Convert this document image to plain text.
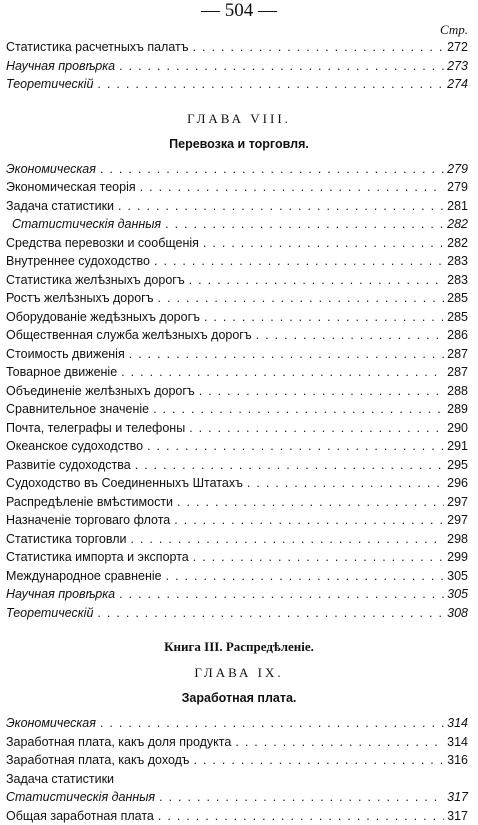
— 504 —
Стр.
Статистика расчетныхъ палатъ .....	272
Научная провѣрка .....	273
Теоретическій .....	274
ГЛАВА VIII.
Перевозка и торговля.
Экономическая .....	279
Экономическая теорія .....	279
Задача статистики .....	281
Статистическія данныя .....	282
Средства перевозки и сообщенія .....	282
Внутреннее судоходство .....	283
Статистика желѣзныхъ дорогъ .....	283
Ростъ желѣзныхъ дорогъ .....	285
Оборудованіе жедѣзныхъ дорогъ .....	285
Общественная служба желѣзныхъ дорогъ .....	286
Стоимость движенія .....	287
Товарное движеніе .....	287
Объединеніе желѣзныхъ дорогъ .....	288
Сравнительное значеніе .....	289
Почта, телеграфы и телефоны .....	290
Океанское судоходство .....	291
Развитіе судоходства .....	295
Судоходство въ Соединенныхъ Штатахъ .....	296
Распредѣленіе вмѣстимости .....	297
Назначеніе торговаго флота .....	297
Статистика торговли .....	298
Статистика импорта и экспорта .....	299
Международное сравненіе .....	305
Научная провѣрка .....	305
Теоретическій .....	308
Книга III. Распредѣленіе.
ГЛАВА IX.
Заработная плата.
Экономическая .....	314
Заработная плата, какъ доля продукта .....	314
Заработная плата, какъ доходъ .....	316
Задача статистики
Статистическія данныя .....	317
Общая заработная плата .....	317
